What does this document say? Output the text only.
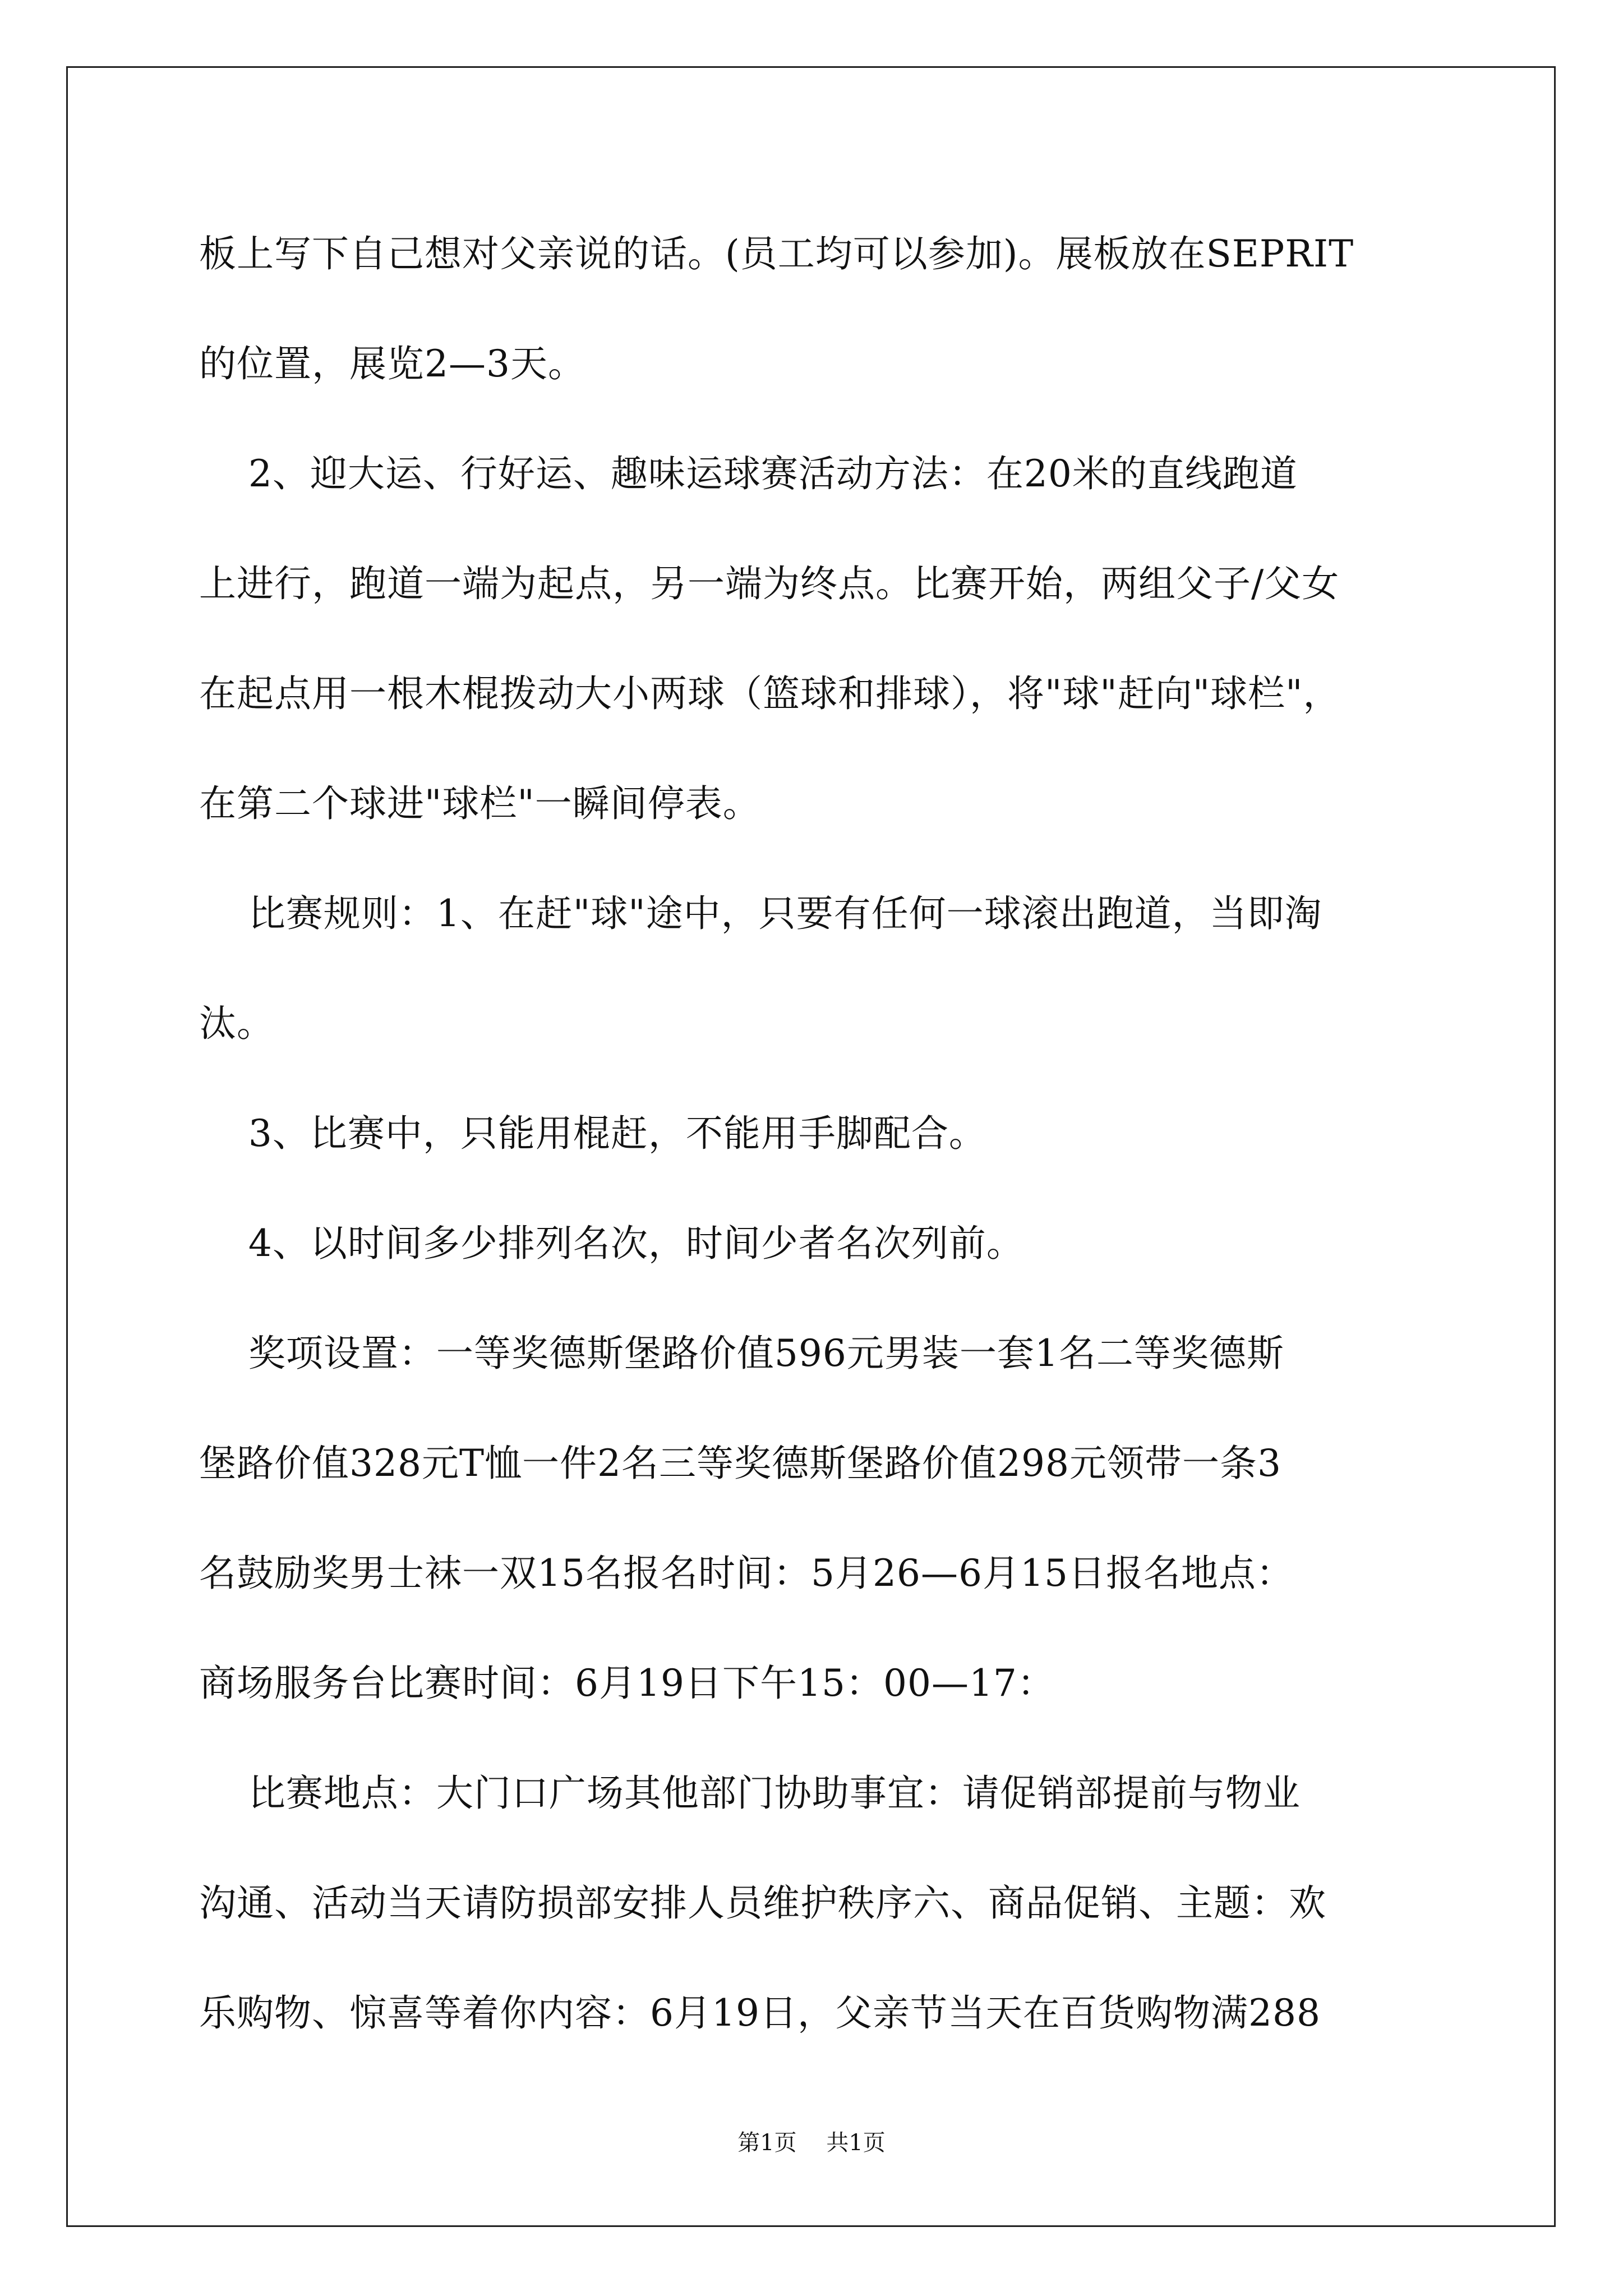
板上写下自己想对父亲说的话。(员工均可以参加)。展板放在SEPRIT
的位置，展览2—3天。
2、迎大运、行好运、趣味运球赛活动方法：在20米的直线跑道
上进行，跑道一端为起点，另一端为终点。比赛开始，两组父子/父女
在起点用一根木棍拨动大小两球（篮球和排球），将"球"赶向"球栏"，
在第二个球进"球栏"一瞬间停表。
比赛规则：1、在赶"球"途中，只要有任何一球滚出跑道，当即淘
汰。
3、比赛中，只能用棍赶，不能用手脚配合。
4、以时间多少排列名次，时间少者名次列前。
奖项设置：一等奖德斯堡路价值596元男装一套1名二等奖德斯
堡路价值328元T恤一件2名三等奖德斯堡路价值298元领带一条3
名鼓励奖男士袜一双15名报名时间：5月26—6月15日报名地点：
商场服务台比赛时间：6月19日下午15：00—17：
比赛地点：大门口广场其他部门协助事宜：请促销部提前与物业
沟通、活动当天请防损部安排人员维护秩序六、商品促销、主题：欢
乐购物、惊喜等着你内容：6月19日，父亲节当天在百货购物满288
第1页 共1页
